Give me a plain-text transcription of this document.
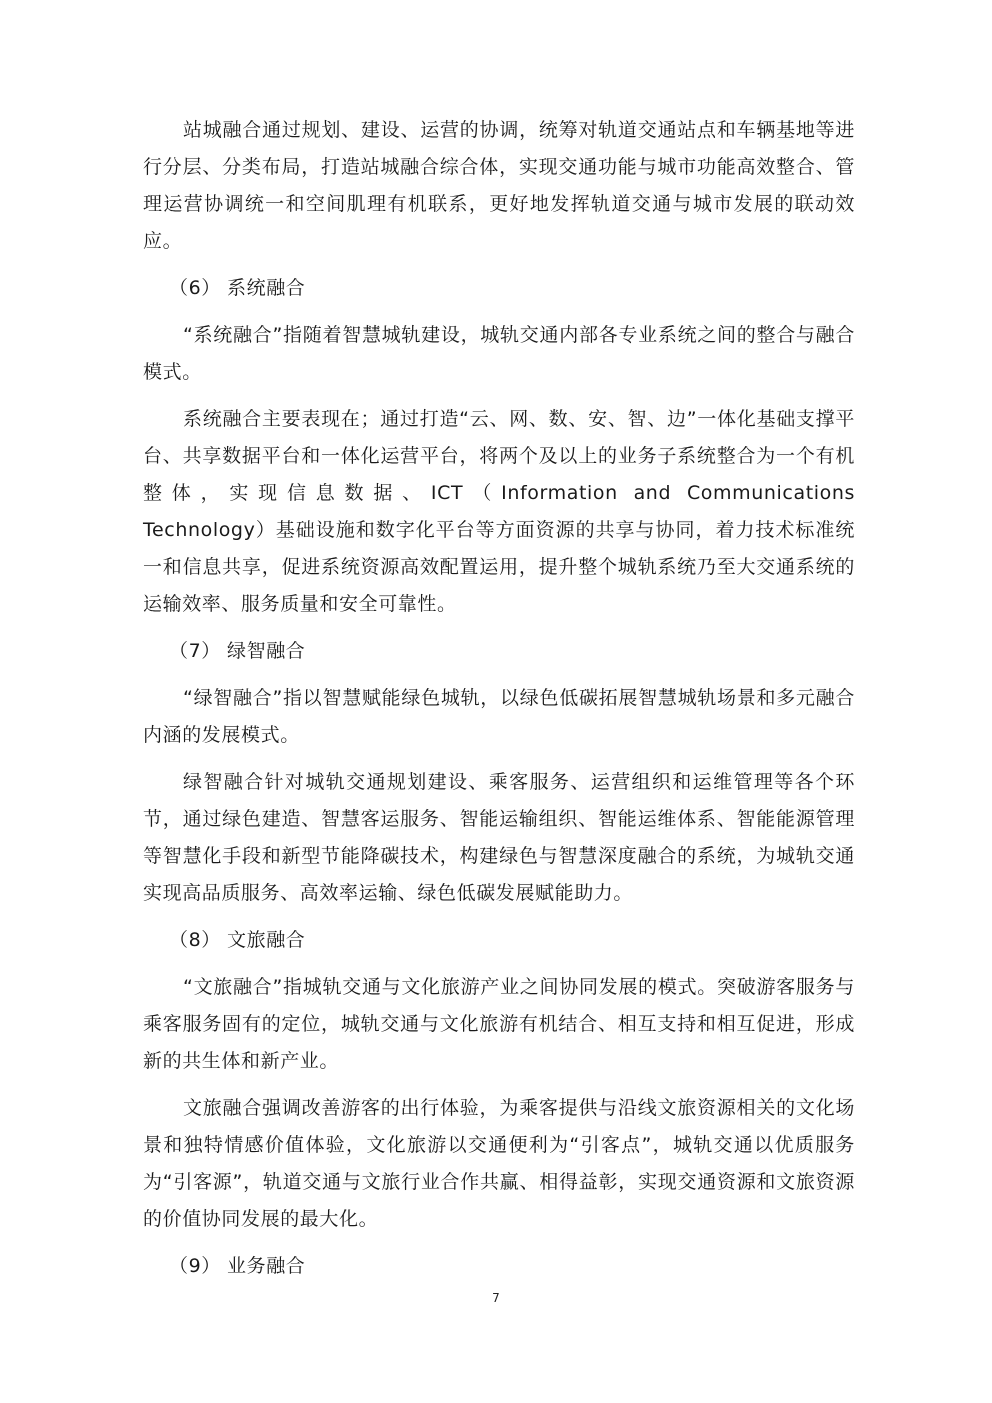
站城融合通过规划、建设、运营的协调，统筹对轨道交通站点和车辆基地等进行分层、分类布局，打造站城融合综合体，实现交通功能与城市功能高效整合、管理运营协调统一和空间肌理有机联系，更好地发挥轨道交通与城市发展的联动效应。

（6） 系统融合

“系统融合”指随着智慧城轨建设，城轨交通内部各专业系统之间的整合与融合模式。

系统融合主要表现在；通过打造“云、网、数、安、智、边”一体化基础支撑平台、共享数据平台和一体化运营平台，将两个及以上的业务子系统整合为一个有机整体，实现信息数据、ICT（Information and Communications Technology）基础设施和数字化平台等方面资源的共享与协同，着力技术标准统一和信息共享，促进系统资源高效配置运用，提升整个城轨系统乃至大交通系统的运输效率、服务质量和安全可靠性。

（7） 绿智融合

“绿智融合”指以智慧赋能绿色城轨，以绿色低碳拓展智慧城轨场景和多元融合内涵的发展模式。

绿智融合针对城轨交通规划建设、乘客服务、运营组织和运维管理等各个环节，通过绿色建造、智慧客运服务、智能运输组织、智能运维体系、智能能源管理等智慧化手段和新型节能降碳技术，构建绿色与智慧深度融合的系统，为城轨交通实现高品质服务、高效率运输、绿色低碳发展赋能助力。

（8） 文旅融合

“文旅融合”指城轨交通与文化旅游产业之间协同发展的模式。突破游客服务与乘客服务固有的定位，城轨交通与文化旅游有机结合、相互支持和相互促进，形成新的共生体和新产业。

文旅融合强调改善游客的出行体验，为乘客提供与沿线文旅资源相关的文化场景和独特情感价值体验，文化旅游以交通便利为“引客点”，城轨交通以优质服务为“引客源”，轨道交通与文旅行业合作共赢、相得益彰，实现交通资源和文旅资源的价值协同发展的最大化。

（9） 业务融合

7
